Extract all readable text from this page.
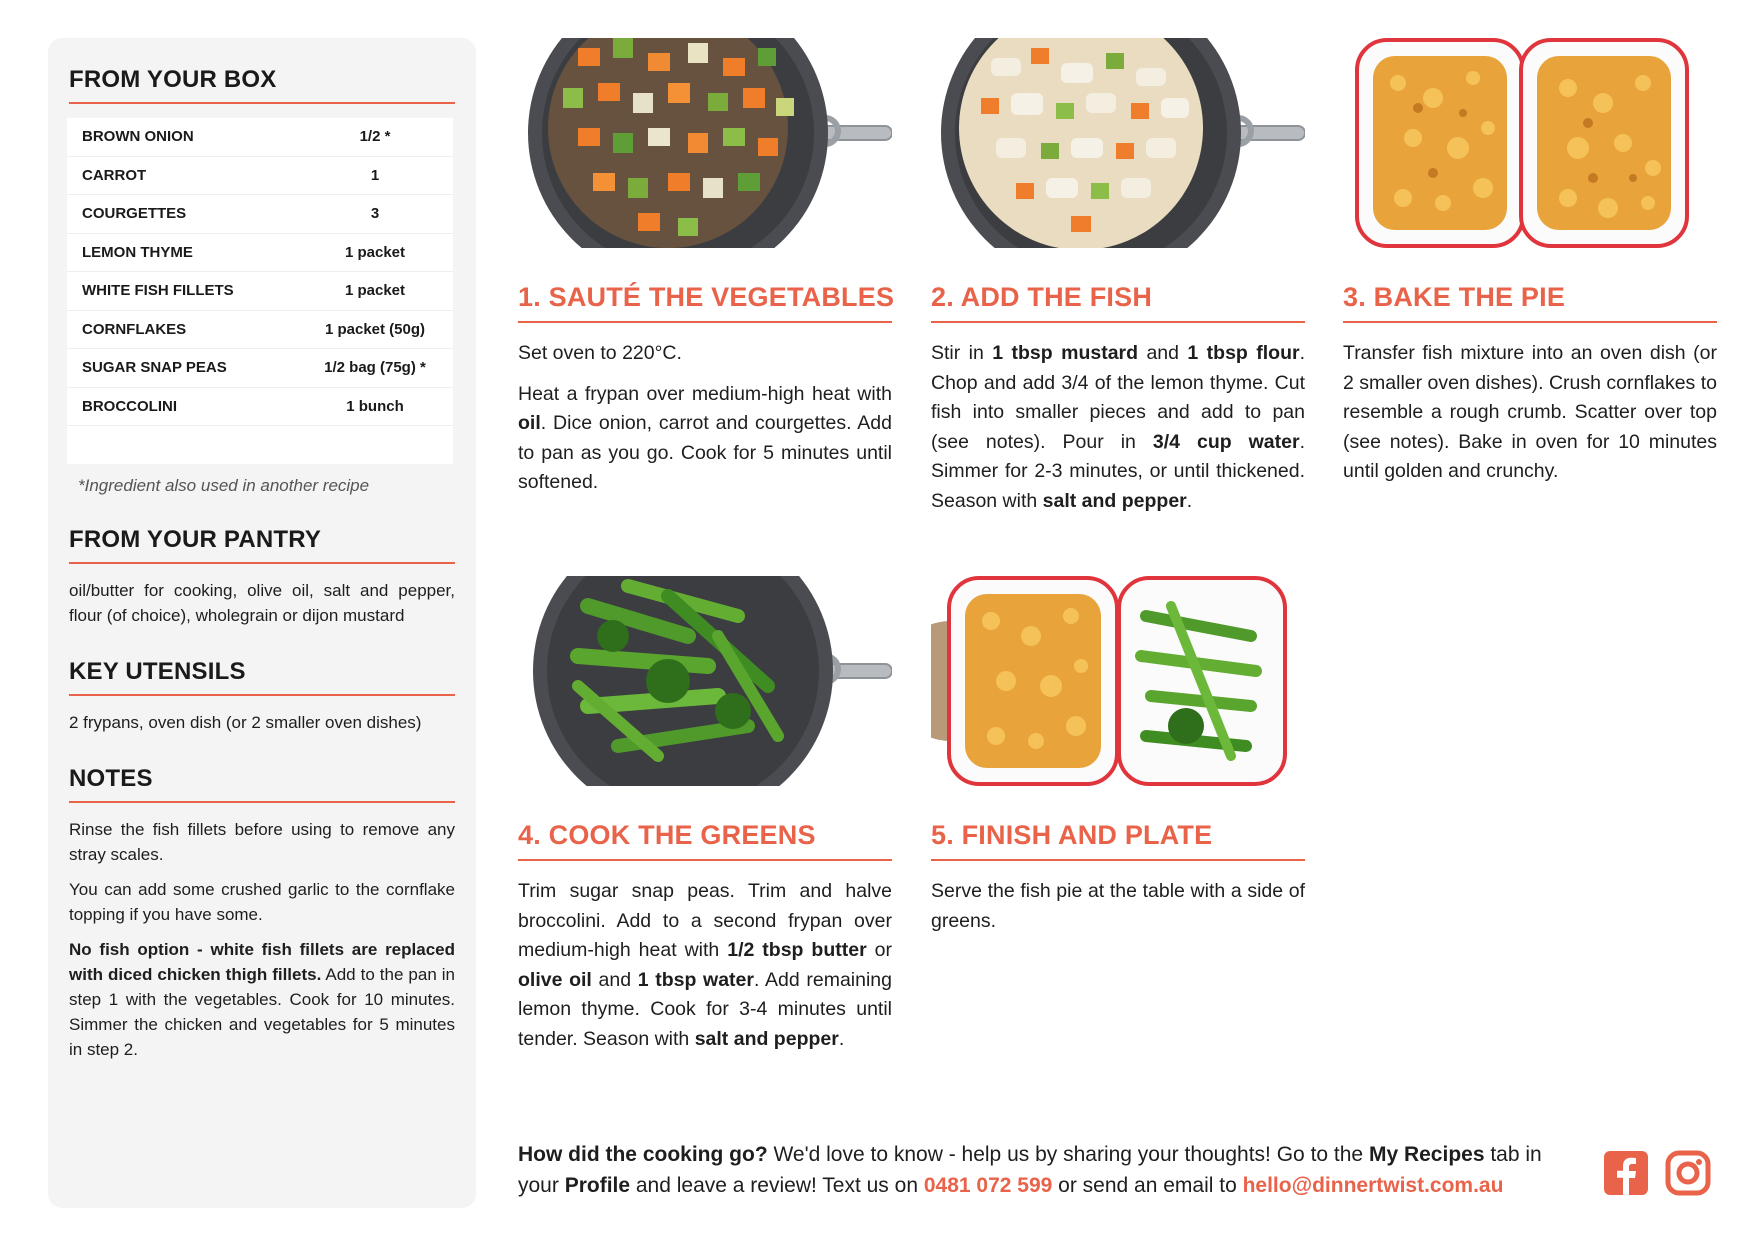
FROM YOUR BOX
BROWN ONION	1/2 *
CARROT	1
COURGETTES	3
LEMON THYME	1 packet
WHITE FISH FILLETS	1 packet
CORNFLAKES	1 packet (50g)
SUGAR SNAP PEAS	1/2 bag (75g) *
BROCCOLINI	1 bunch
*Ingredient also used in another recipe
FROM YOUR PANTRY
oil/butter for cooking, olive oil, salt and pepper, flour (of choice), wholegrain or dijon mustard
KEY UTENSILS
2 frypans, oven dish (or 2 smaller oven dishes)
NOTES
Rinse the fish fillets before using to remove any stray scales.
You can add some crushed garlic to the cornflake topping if you have some.
No fish option - white fish fillets are replaced with diced chicken thigh fillets. Add to the pan in step 1 with the vegetables. Cook for 10 minutes. Simmer the chicken and vegetables for 5 minutes in step 2.
1. SAUTÉ THE VEGETABLES

Set oven to 220°C.

Heat a frypan over medium-high heat with oil. Dice onion, carrot and courgettes. Add to pan as you go. Cook for 5 minutes until softened.

2. ADD THE FISH

Stir in 1 tbsp mustard and 1 tbsp flour. Chop and add 3/4 of the lemon thyme. Cut fish into smaller pieces and add to pan (see notes). Pour in 3/4 cup water. Simmer for 2-3 minutes, or until thickened. Season with salt and pepper.

3. BAKE THE PIE

Transfer fish mixture into an oven dish (or 2 smaller oven dishes). Crush cornflakes to resemble a rough crumb. Scatter over top (see notes). Bake in oven for 10 minutes until golden and crunchy.

4. COOK THE GREENS

Trim sugar snap peas. Trim and halve broccolini. Add to a second frypan over medium-high heat with 1/2 tbsp butter or olive oil and 1 tbsp water. Add remaining lemon thyme. Cook for 3-4 minutes until tender. Season with salt and pepper.

5. FINISH AND PLATE

Serve the fish pie at the table with a side of greens.

How did the cooking go? We'd love to know - help us by sharing your thoughts! Go to the My Recipes tab in your Profile and leave a review! Text us on 0481 072 599 or send an email to hello@dinnertwist.com.au
